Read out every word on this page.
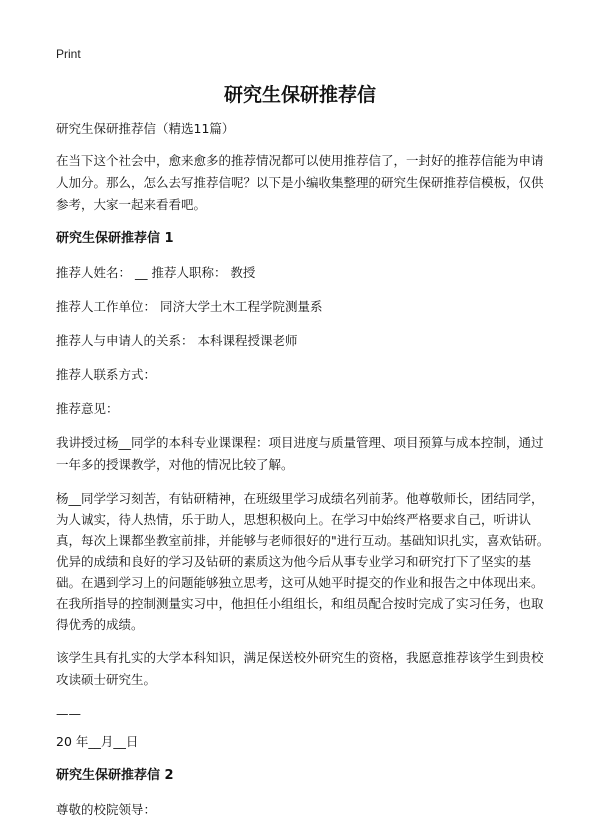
Print
研究生保研推荐信

研究生保研推荐信（精选11篇）

在当下这个社会中，愈来愈多的推荐情况都可以使用推荐信了，一封好的推荐信能为申请人加分。那么，怎么去写推荐信呢？以下是小编收集整理的研究生保研推荐信模板，仅供参考，大家一起来看看吧。

研究生保研推荐信 1

推荐人姓名： __ 推荐人职称： 教授

推荐人工作单位： 同济大学土木工程学院测量系

推荐人与申请人的关系： 本科课程授课老师

推荐人联系方式：

推荐意见：

我讲授过杨__同学的本科专业课课程：项目进度与质量管理、项目预算与成本控制，通过一年多的授课教学，对他的情况比较了解。

杨__同学学习刻苦，有钻研精神，在班级里学习成绩名列前茅。他尊敬师长，团结同学，为人诚实，待人热情，乐于助人，思想积极向上。在学习中始终严格要求自己，听讲认真，每次上课都坐教室前排，并能够与老师很好的"进行互动。基础知识扎实，喜欢钻研。优异的成绩和良好的学习及钻研的素质这为他今后从事专业学习和研究打下了坚实的基础。在遇到学习上的问题能够独立思考，这可从她平时提交的作业和报告之中体现出来。在我所指导的控制测量实习中，他担任小组组长，和组员配合按时完成了实习任务，也取得优秀的成绩。

该学生具有扎实的大学本科知识，满足保送校外研究生的资格，我愿意推荐该学生到贵校攻读硕士研究生。

——

20 年__月__日

研究生保研推荐信 2

尊敬的校院领导：
